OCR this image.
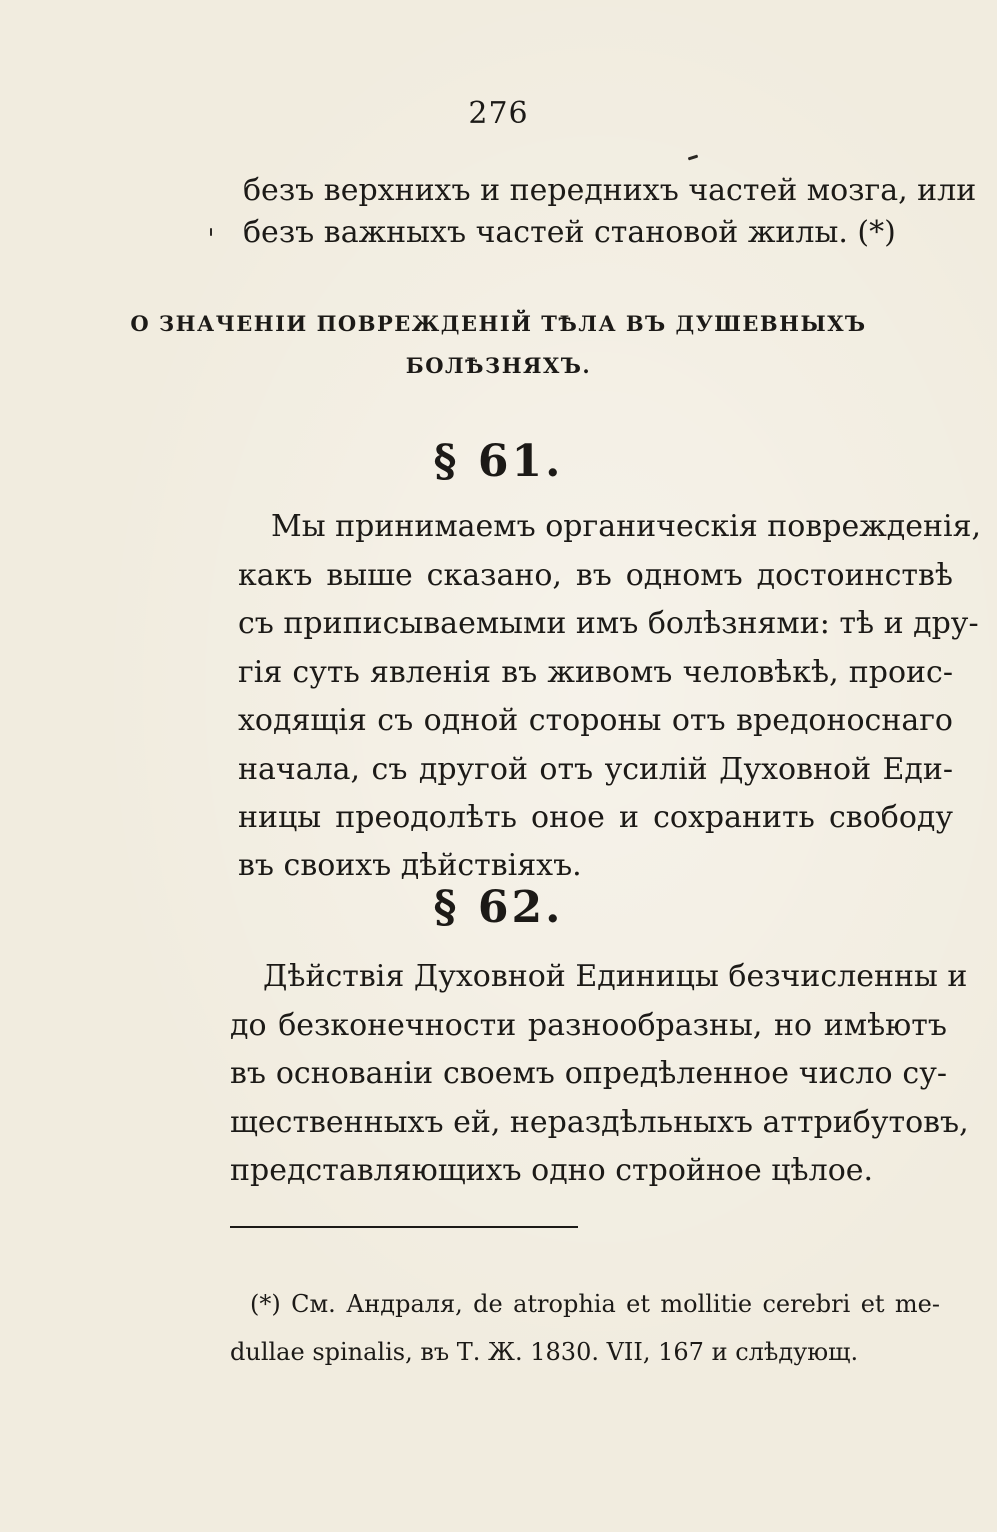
276
безъ верхнихъ и переднихъ частей мозга, или
безъ важныхъ частей становой жилы. (*)
О ЗНАЧЕНІИ ПОВРЕЖДЕНІЙ ТѢЛА ВЪ ДУШЕВНЫХЪ
БОЛѢЗНЯХЪ.
§ 61.
Мы принимаемъ органическія поврежденія,
какъ выше сказано, въ одномъ достоинствѣ
съ приписываемыми имъ болѣзнями: тѣ и дру-
гія суть явленія въ живомъ человѣкѣ, проис-
ходящія съ одной стороны отъ вредоноснаго
начала, съ другой отъ усилій Духовной Еди-
ницы преодолѣть оное и сохранить свободу
въ своихъ дѣйствіяхъ.
§ 62.
Дѣйствія Духовной Единицы безчисленны и
до безконечности разнообразны, но имѣютъ
въ основаніи своемъ опредѣленное число су-
щественныхъ ей, нераздѣльныхъ аттрибутовъ,
представляющихъ одно стройное цѣлое.
(*) См. Андраля, de atrophia et mollitie cerebri et me-
dullae spinalis, въ Т. Ж. 1830. VII, 167 и слѣдующ.
